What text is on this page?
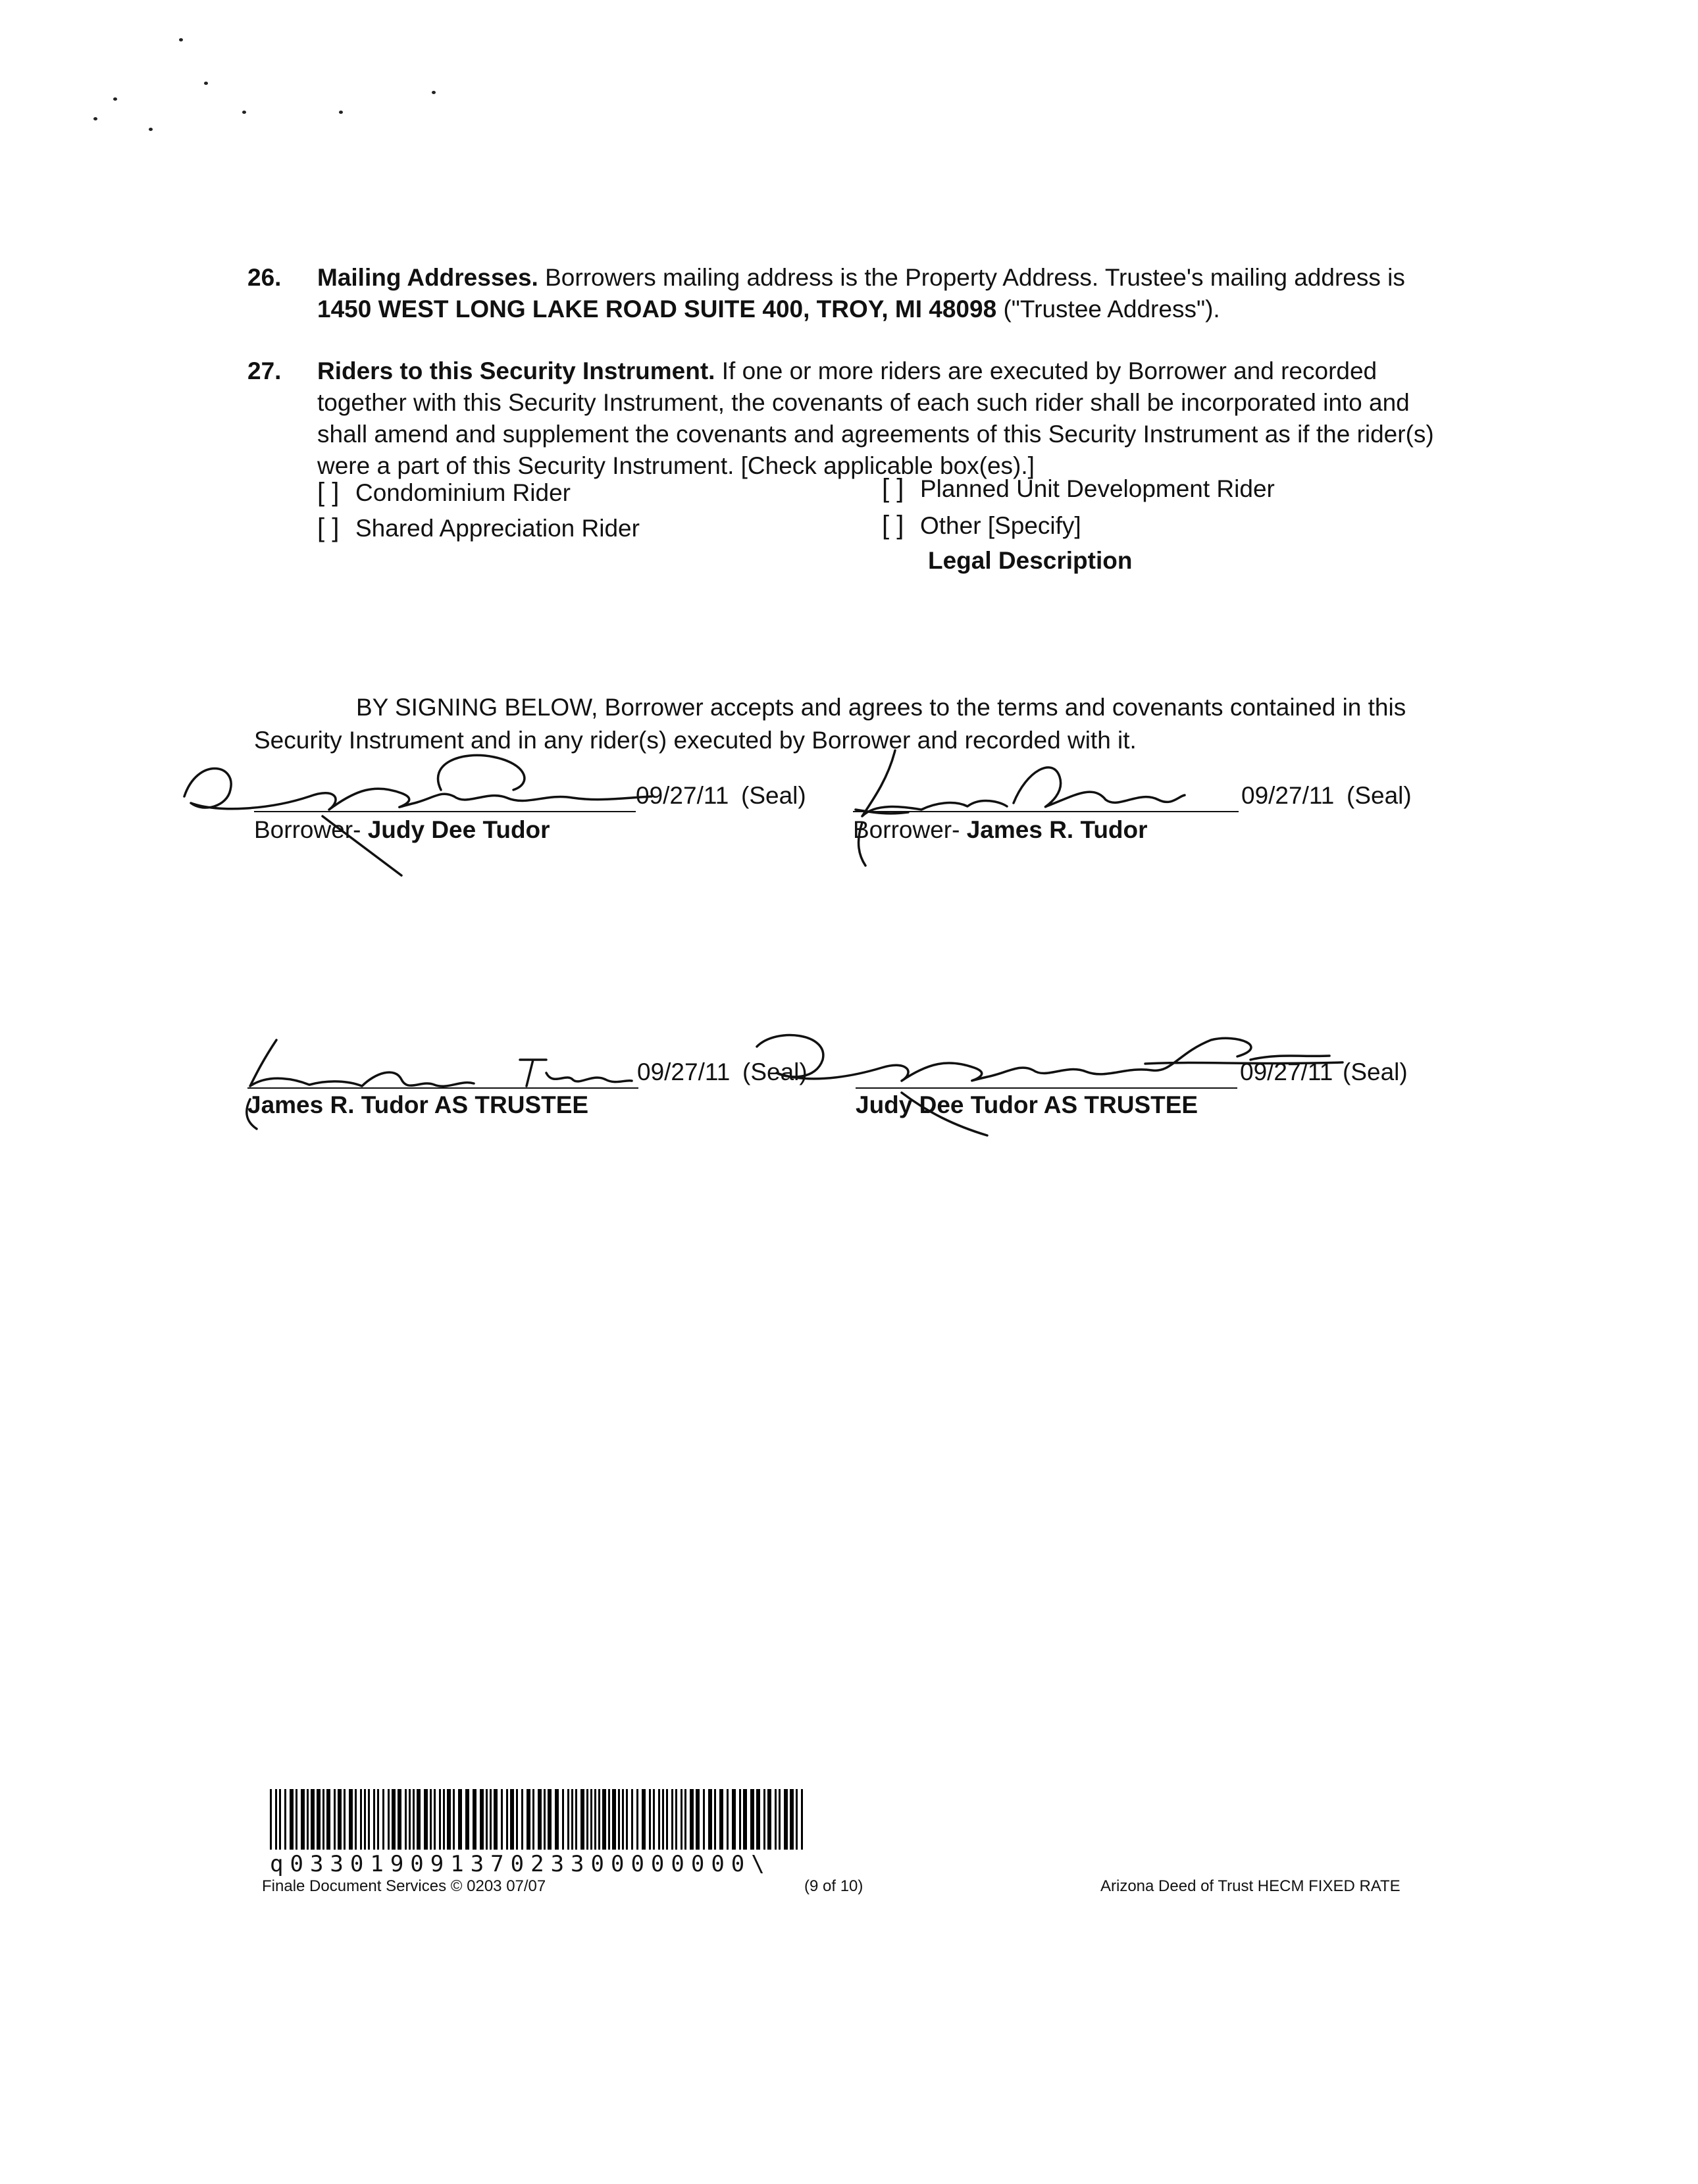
26. Mailing Addresses. Borrowers mailing address is the Property Address. Trustee's mailing address is 1450 WEST LONG LAKE ROAD SUITE 400, TROY, MI 48098 ("Trustee Address").
27. Riders to this Security Instrument. If one or more riders are executed by Borrower and recorded together with this Security Instrument, the covenants of each such rider shall be incorporated into and shall amend and supplement the covenants and agreements of this Security Instrument as if the rider(s) were a part of this Security Instrument. [Check applicable box(es).]
[ ] Condominium Rider	[ ] Planned Unit Development Rider
[ ] Shared Appreciation Rider	[ ] Other [Specify]
Legal Description
BY SIGNING BELOW, Borrower accepts and agrees to the terms and covenants contained in this Security Instrument and in any rider(s) executed by Borrower and recorded with it.
09/27/11 (Seal)
Borrower- Judy Dee Tudor
09/27/11 (Seal)
Borrower- James R. Tudor
09/27/11 (Seal)
James R. Tudor AS TRUSTEE
09/27/11 (Seal)
Judy Dee Tudor AS TRUSTEE
q03301909137023300000000\
Finale Document Services © 0203 07/07	(9 of 10)	Arizona Deed of Trust HECM FIXED RATE
